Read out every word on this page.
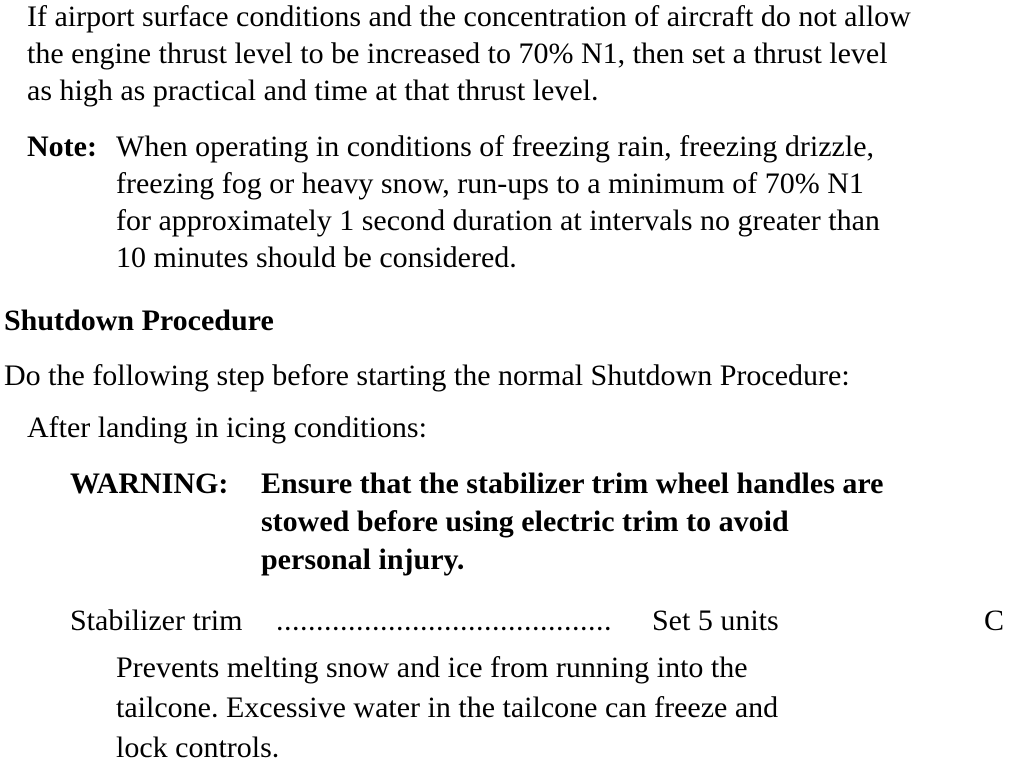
If airport surface conditions and the concentration of aircraft do not allow
the engine thrust level to be increased to 70% N1, then set a thrust level
as high as practical and time at that thrust level.
Note: When operating in conditions of freezing rain, freezing drizzle,
freezing fog or heavy snow, run-ups to a minimum of 70% N1
for approximately 1 second duration at intervals no greater than
10 minutes should be considered.
Shutdown Procedure
Do the following step before starting the normal Shutdown Procedure:
After landing in icing conditions:
WARNING: Ensure that the stabilizer trim wheel handles are
stowed before using electric trim to avoid
personal injury.
Stabilizer trim .......................................... Set 5 units	C
Prevents melting snow and ice from running into the
tailcone. Excessive water in the tailcone can freeze and
lock controls.
